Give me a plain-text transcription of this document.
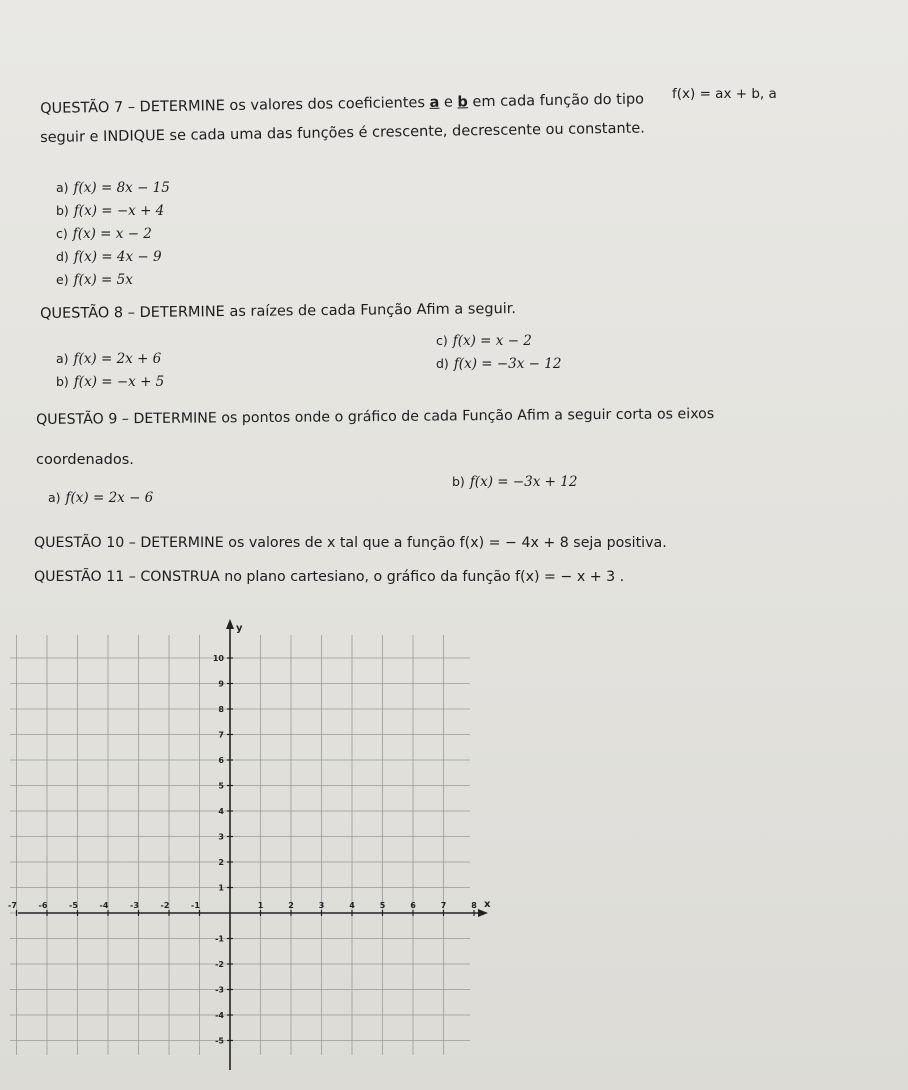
QUESTÃO 7 – DETERMINE os valores dos coeficientes a e b em cada função do tipo f(x) = ax + b, a
seguir e INDIQUE se cada uma das funções é crescente, decrescente ou constante.
a) f(x) = 8x − 15
b) f(x) = −x + 4
c) f(x) = x − 2
d) f(x) = 4x − 9
e) f(x) = 5x
QUESTÃO 8 – DETERMINE as raízes de cada Função Afim a seguir.
a) f(x) = 2x + 6
b) f(x) = −x + 5
c) f(x) = x − 2
d) f(x) = −3x − 12
QUESTÃO 9 – DETERMINE os pontos onde o gráfico de cada Função Afim a seguir corta os eixos
coordenados.
a) f(x) = 2x − 6
b) f(x) = −3x + 12
QUESTÃO 10 – DETERMINE os valores de x tal que a função f(x) = − 4x + 8 seja positiva.
QUESTÃO 11 – CONSTRUA no plano cartesiano, o gráfico da função f(x) = − x + 3 .
x
y
-7	-6	-5	-4	-3	-2	-1	1	2	3	4	5	6	7	8
10
9
8
7
6
5
4
3
2
1
-1
-2
-3
-4
-5
